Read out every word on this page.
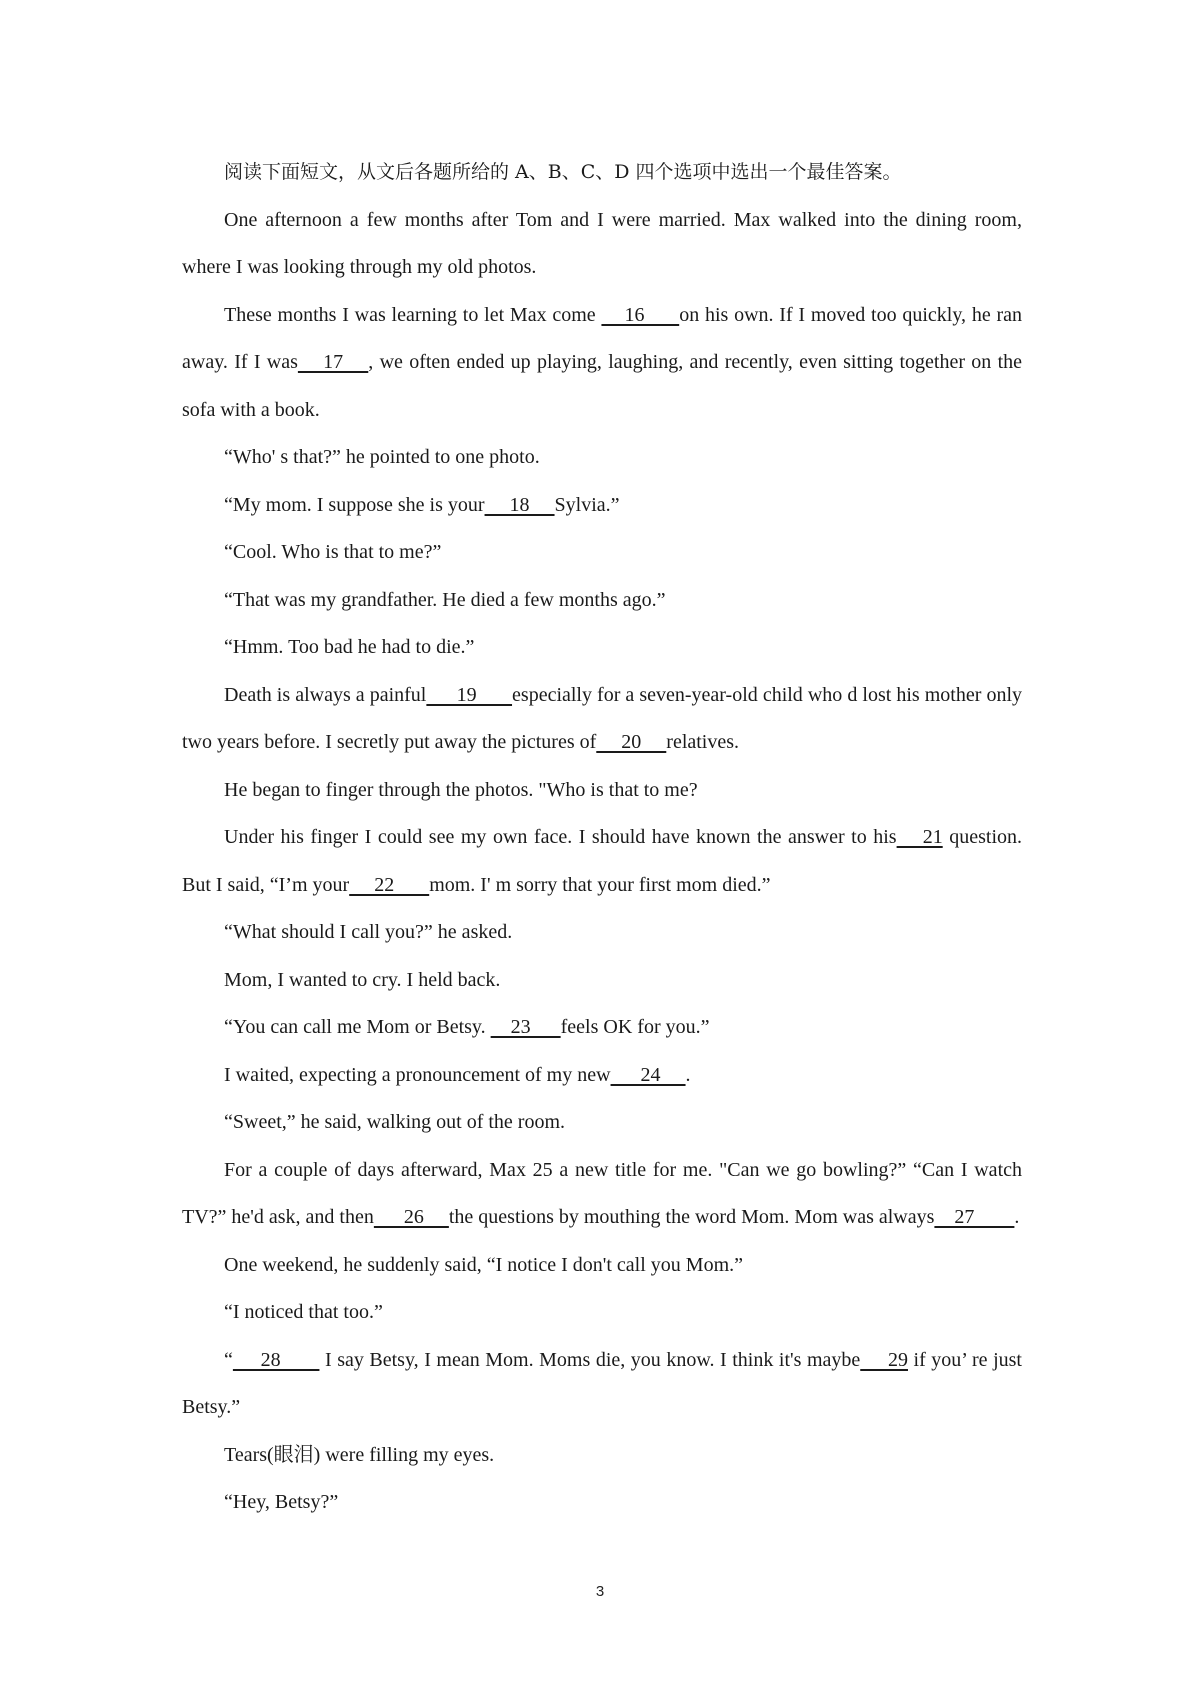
阅读下面短文，从文后各题所给的 A、B、C、D 四个选项中选出一个最佳答案。

One afternoon a few months after Tom and I were married. Max walked into the dining room, where I was looking through my old photos.

These months I was learning to let Max come     16      on his own. If I moved too quickly, he ran away. If I was    17    , we often ended up playing, laughing, and recently, even sitting together on the sofa with a book.

“Who' s that?” he pointed to one photo.

“My mom. I suppose she is your     18     Sylvia.”

“Cool. Who is that to me?”

“That was my grandfather. He died a few months ago.”

“Hmm. Too bad he had to die.”

Death is always a painful      19       especially for a seven-year-old child who d lost his mother only two years before. I secretly put away the pictures of     20     relatives.

He began to finger through the photos. "Who is that to me?

Under his finger I could see my own face. I should have known the answer to his    21 question. But I said, “I’m your     22       mom. I' m sorry that your first mom died.”

“What should I call you?” he asked.

Mom, I wanted to cry. I held back.

“You can call me Mom or Betsy.     23      feels OK for you.”

I waited, expecting a pronouncement of my new      24     .

“Sweet,” he said, walking out of the room.

For a couple of days afterward, Max 25 a new title for me. "Can we go bowling?” “Can I watch TV?” he'd ask, and then      26     the questions by mouthing the word Mom. Mom was always    27        .

One weekend, he suddenly said, “I notice I don't call you Mom.”

“I noticed that too.”

“     28        I say Betsy, I mean Mom. Moms die, you know. I think it's maybe     29 if you’ re just Betsy.”

Tears(眼泪) were filling my eyes.

“Hey, Betsy?”

3
